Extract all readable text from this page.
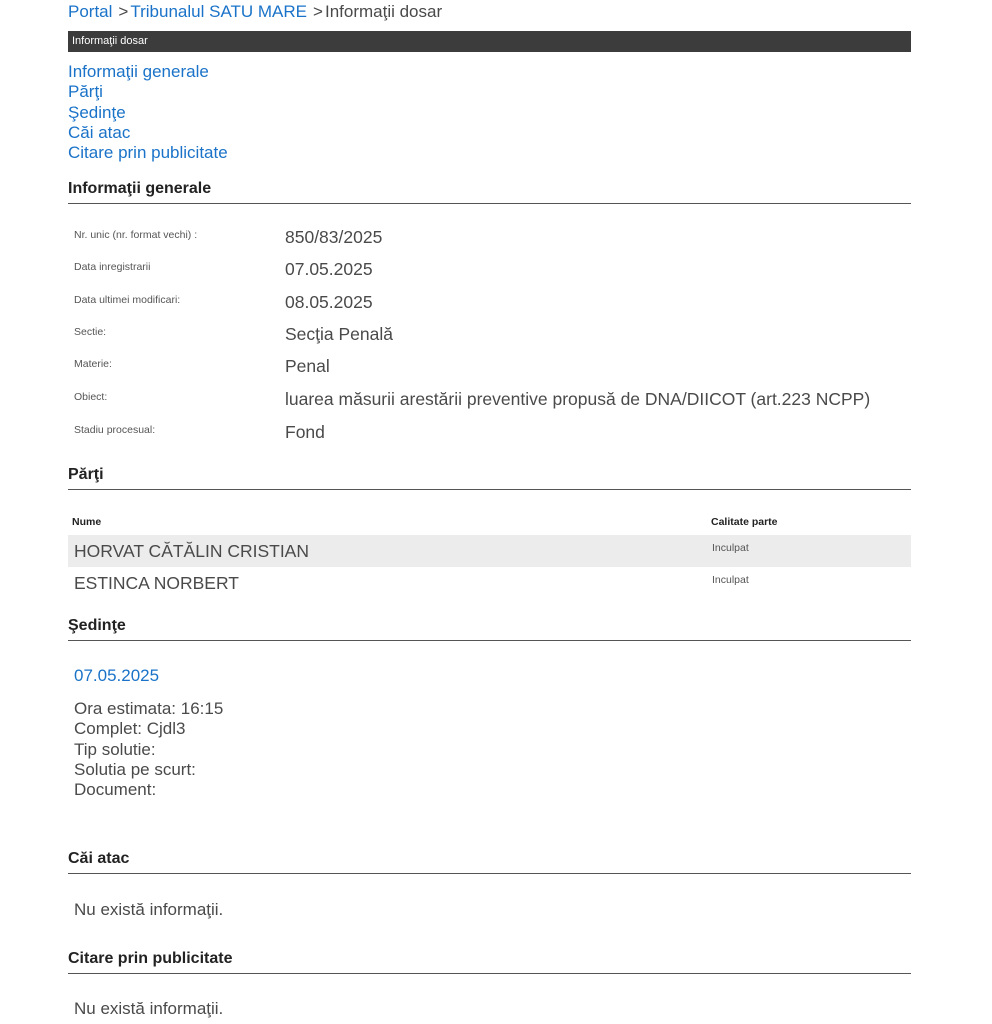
Portal > Tribunalul SATU MARE > Informaţii dosar
Informaţii dosar
Informaţii generale
Părţi
Şedinţe
Căi atac
Citare prin publicitate
Informaţii generale
Nr. unic (nr. format vechi) :	850/83/2025
Data inregistrarii	07.05.2025
Data ultimei modificari:	08.05.2025
Sectie:	Secţia Penală
Materie:	Penal
Obiect:	luarea măsurii arestării preventive propusă de DNA/DIICOT (art.223 NCPP)
Stadiu procesual:	Fond
Părţi
Nume	Calitate parte
HORVAT CĂTĂLIN CRISTIAN	Inculpat
ESTINCA NORBERT	Inculpat
Şedinţe
07.05.2025
Ora estimata: 16:15
Complet: Cjdl3
Tip solutie:
Solutia pe scurt:
Document:
Căi atac
Nu există informaţii.
Citare prin publicitate
Nu există informaţii.
